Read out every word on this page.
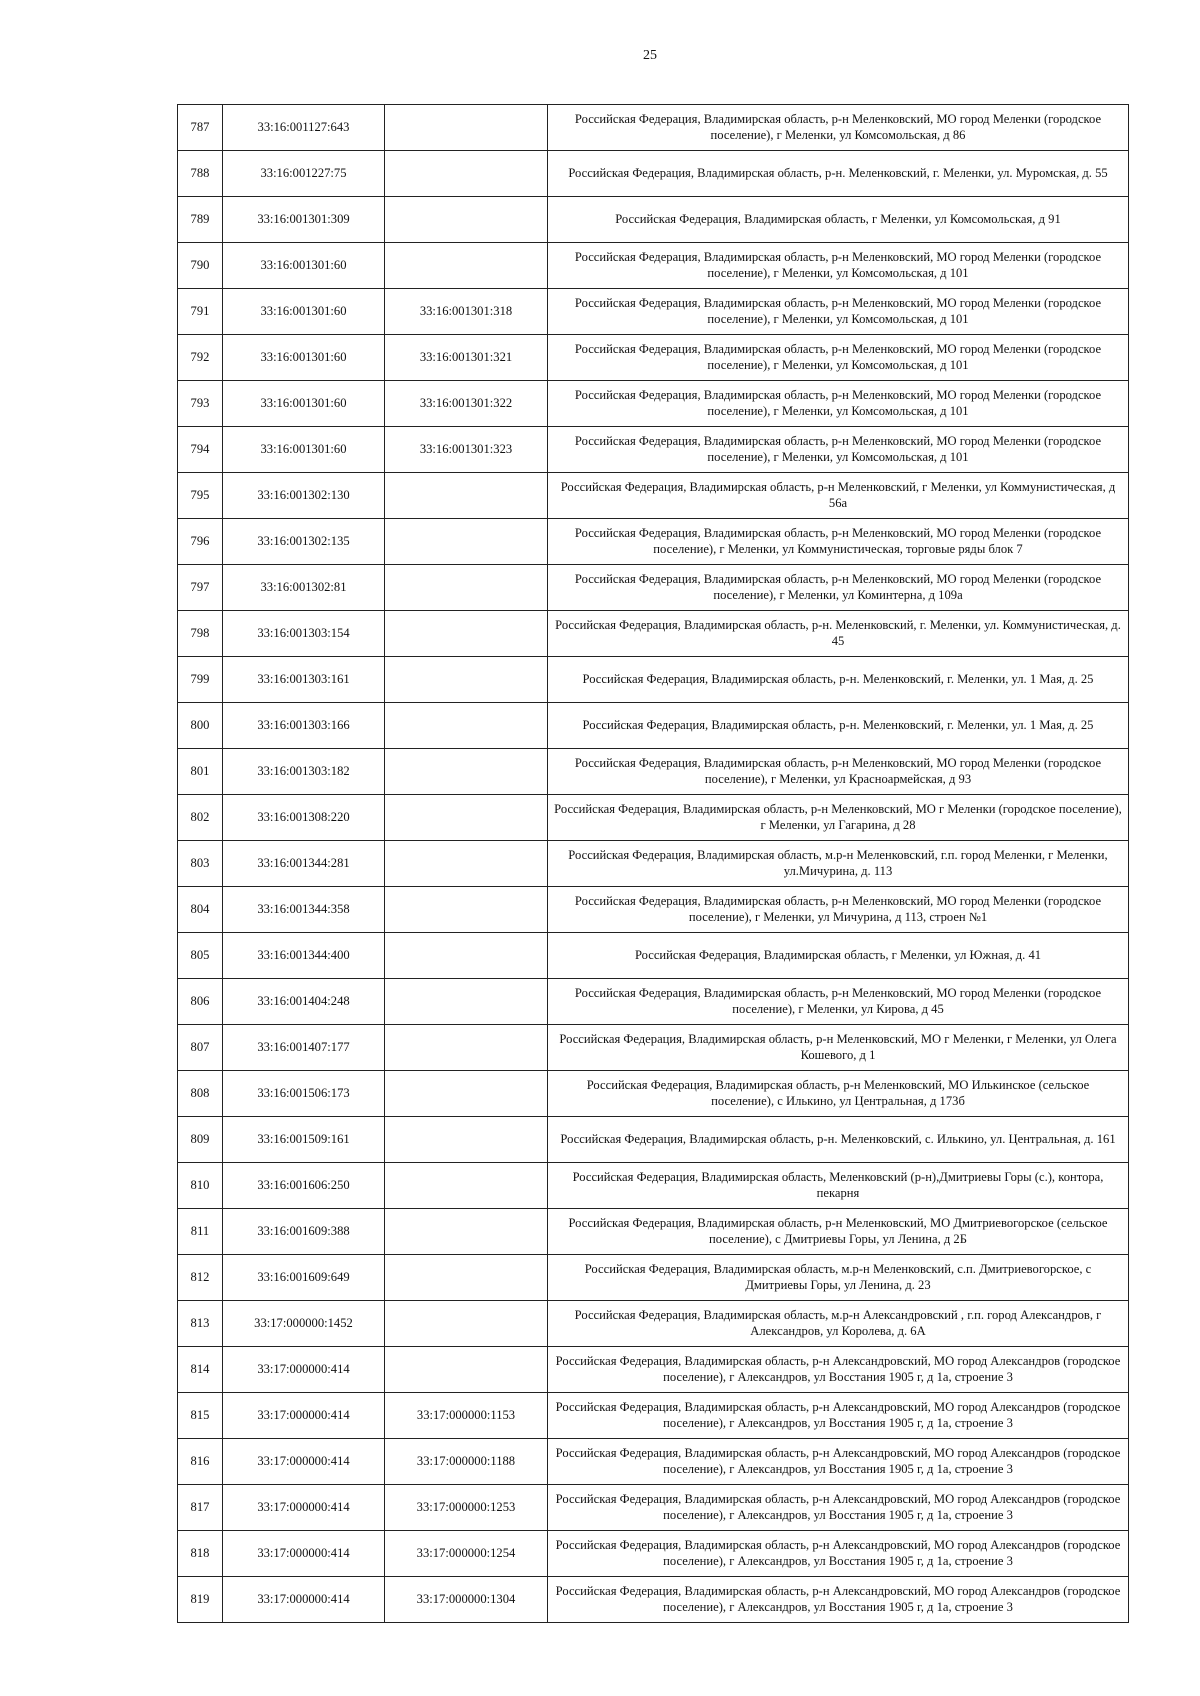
25
787	33:16:001127:643		Российская Федерация, Владимирская область, р-н Меленковский, МО город Меленки (городское поселение), г Меленки, ул Комсомольская, д 86
788	33:16:001227:75		Российская Федерация, Владимирская область, р-н. Меленковский, г. Меленки, ул. Муромская, д. 55
789	33:16:001301:309		Российская Федерация, Владимирская область, г Меленки, ул Комсомольская, д 91
790	33:16:001301:60		Российская Федерация, Владимирская область, р-н Меленковский, МО город Меленки (городское поселение), г Меленки, ул Комсомольская, д 101
791	33:16:001301:60	33:16:001301:318	Российская Федерация, Владимирская область, р-н Меленковский, МО город Меленки (городское поселение), г Меленки, ул Комсомольская, д 101
792	33:16:001301:60	33:16:001301:321	Российская Федерация, Владимирская область, р-н Меленковский, МО город Меленки (городское поселение), г Меленки, ул Комсомольская, д 101
793	33:16:001301:60	33:16:001301:322	Российская Федерация, Владимирская область, р-н Меленковский, МО город Меленки (городское поселение), г Меленки, ул Комсомольская, д 101
794	33:16:001301:60	33:16:001301:323	Российская Федерация, Владимирская область, р-н Меленковский, МО город Меленки (городское поселение), г Меленки, ул Комсомольская, д 101
795	33:16:001302:130		Российская Федерация, Владимирская область, р-н Меленковский, г Меленки, ул Коммунистическая, д 56а
796	33:16:001302:135		Российская Федерация, Владимирская область, р-н Меленковский, МО город Меленки (городское поселение), г Меленки, ул Коммунистическая, торговые ряды блок 7
797	33:16:001302:81		Российская Федерация, Владимирская область, р-н Меленковский, МО город Меленки (городское поселение), г Меленки, ул Коминтерна, д 109а
798	33:16:001303:154		Российская Федерация, Владимирская область, р-н. Меленковский, г. Меленки, ул. Коммунистическая, д. 45
799	33:16:001303:161		Российская Федерация, Владимирская область, р-н. Меленковский, г. Меленки, ул. 1 Мая, д. 25
800	33:16:001303:166		Российская Федерация, Владимирская область, р-н. Меленковский, г. Меленки, ул. 1 Мая, д. 25
801	33:16:001303:182		Российская Федерация, Владимирская область, р-н Меленковский, МО город Меленки (городское поселение), г Меленки, ул Красноармейская, д 93
802	33:16:001308:220		Российская Федерация, Владимирская область, р-н Меленковский, МО г Меленки (городское поселение), г Меленки, ул Гагарина, д 28
803	33:16:001344:281		Российская Федерация, Владимирская область, м.р-н Меленковский, г.п. город Меленки, г Меленки, ул.Мичурина, д. 113
804	33:16:001344:358		Российская Федерация, Владимирская область, р-н Меленковский, МО город Меленки (городское поселение), г Меленки, ул Мичурина, д 113, строен №1
805	33:16:001344:400		Российская Федерация, Владимирская область, г Меленки, ул Южная, д. 41
806	33:16:001404:248		Российская Федерация, Владимирская область, р-н Меленковский, МО город Меленки (городское поселение), г Меленки, ул Кирова, д 45
807	33:16:001407:177		Российская Федерация, Владимирская область, р-н Меленковский, МО г Меленки, г Меленки, ул Олега Кошевого, д 1
808	33:16:001506:173		Российская Федерация, Владимирская область, р-н Меленковский, МО Илькинское (сельское поселение), с Илькино, ул Центральная, д 173б
809	33:16:001509:161		Российская Федерация, Владимирская область, р-н. Меленковский, с. Илькино, ул. Центральная, д. 161
810	33:16:001606:250		Российская Федерация, Владимирская область, Меленковский (р-н),Дмитриевы Горы (с.), контора, пекарня
811	33:16:001609:388		Российская Федерация, Владимирская область, р-н Меленковский, МО Дмитриевогорское (сельское поселение), с Дмитриевы Горы, ул Ленина, д 2Б
812	33:16:001609:649		Российская Федерация, Владимирская область, м.р-н Меленковский, с.п. Дмитриевогорское, с Дмитриевы Горы, ул Ленина, д. 23
813	33:17:000000:1452		Российская Федерация, Владимирская область, м.р-н Александровский , г.п. город Александров, г Александров, ул Королева, д. 6А
814	33:17:000000:414		Российская Федерация, Владимирская область, р-н Александровский, МО город Александров (городское поселение), г Александров, ул Восстания 1905 г, д 1а, строение 3
815	33:17:000000:414	33:17:000000:1153	Российская Федерация, Владимирская область, р-н Александровский, МО город Александров (городское поселение), г Александров, ул Восстания 1905 г, д 1а, строение 3
816	33:17:000000:414	33:17:000000:1188	Российская Федерация, Владимирская область, р-н Александровский, МО город Александров (городское поселение), г Александров, ул Восстания 1905 г, д 1а, строение 3
817	33:17:000000:414	33:17:000000:1253	Российская Федерация, Владимирская область, р-н Александровский, МО город Александров (городское поселение), г Александров, ул Восстания 1905 г, д 1а, строение 3
818	33:17:000000:414	33:17:000000:1254	Российская Федерация, Владимирская область, р-н Александровский, МО город Александров (городское поселение), г Александров, ул Восстания 1905 г, д 1а, строение 3
819	33:17:000000:414	33:17:000000:1304	Российская Федерация, Владимирская область, р-н Александровский, МО город Александров (городское поселение), г Александров, ул Восстания 1905 г, д 1а, строение 3
